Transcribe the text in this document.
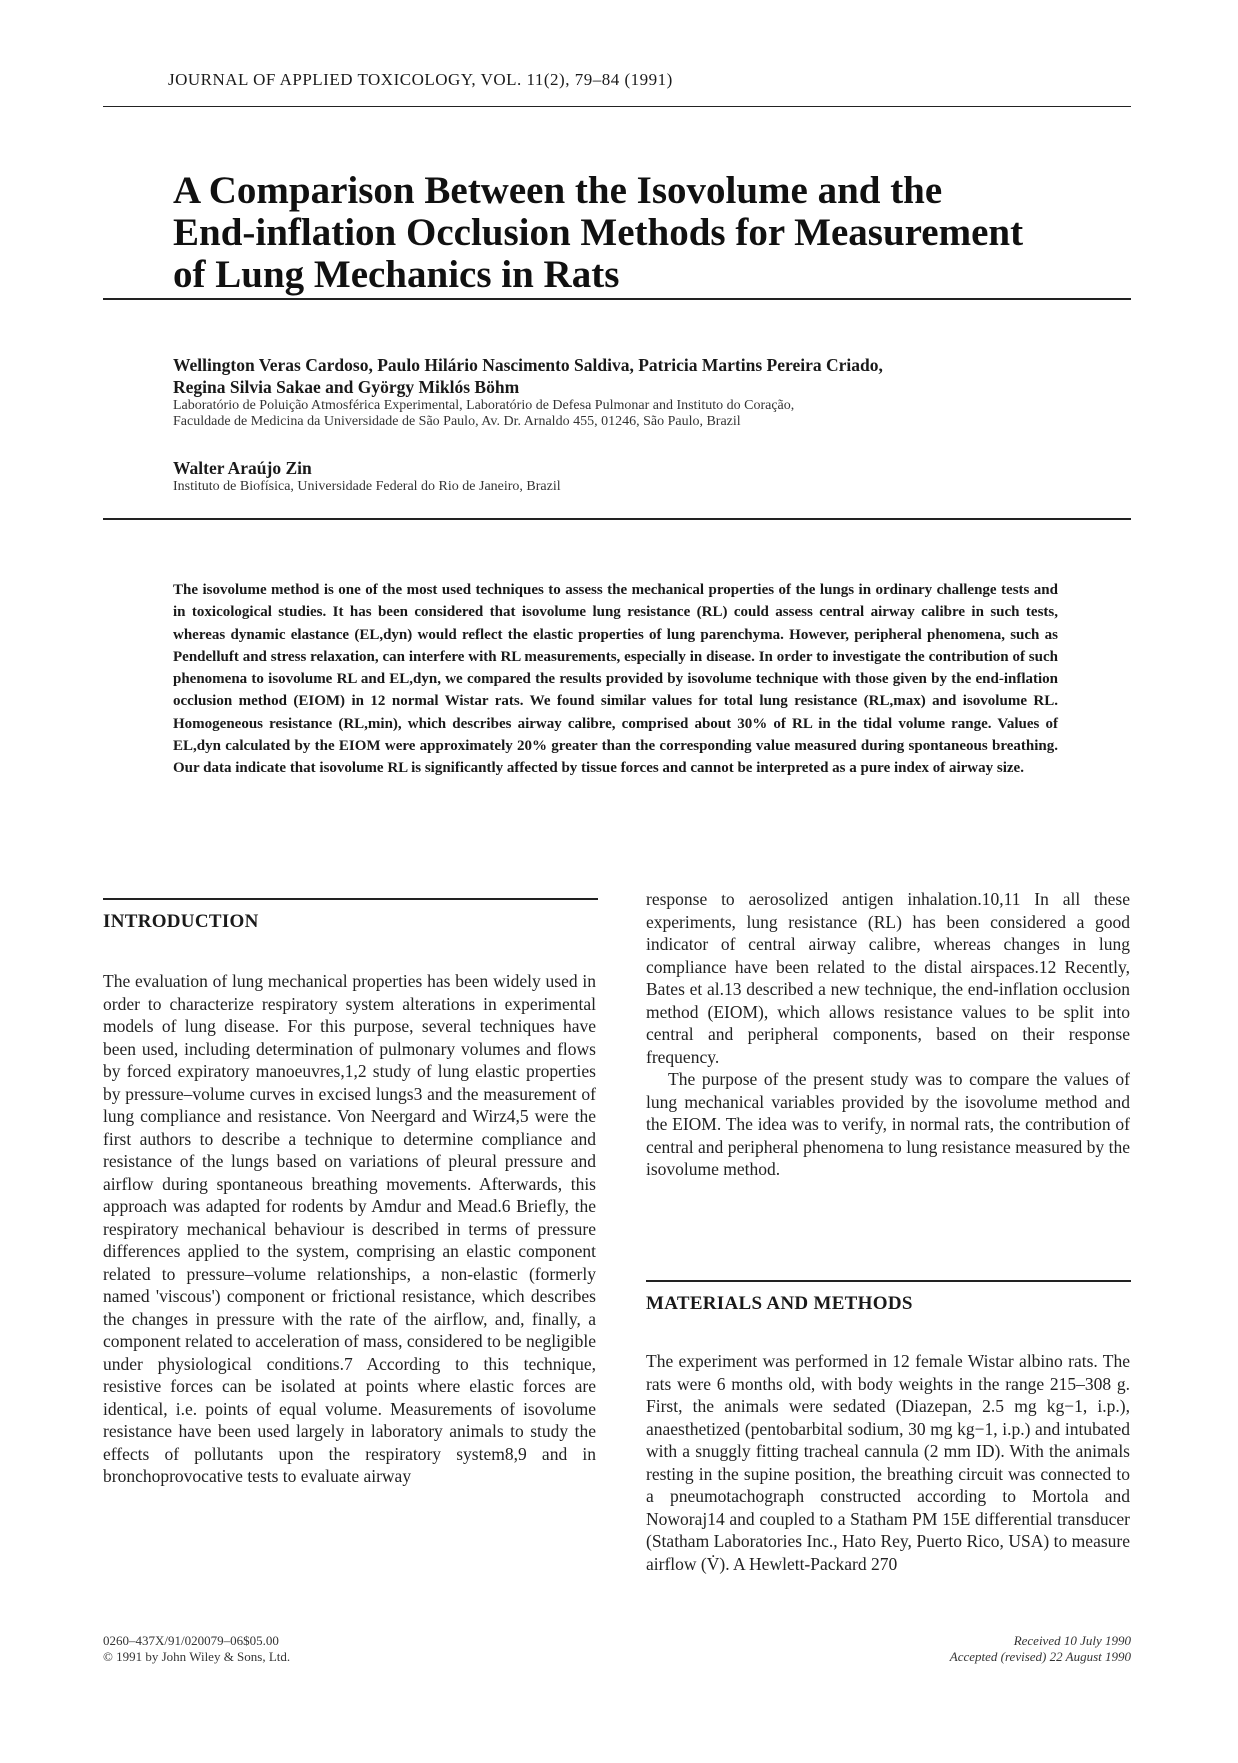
JOURNAL OF APPLIED TOXICOLOGY, VOL. 11(2), 79–84 (1991)
A Comparison Between the Isovolume and the
End-inflation Occlusion Methods for Measurement
of Lung Mechanics in Rats
Wellington Veras Cardoso, Paulo Hilário Nascimento Saldiva, Patricia Martins Pereira Criado,
Regina Silvia Sakae and György Miklós Böhm
Laboratório de Poluição Atmosférica Experimental, Laboratório de Defesa Pulmonar and Instituto do Coração,
Faculdade de Medicina da Universidade de São Paulo, Av. Dr. Arnaldo 455, 01246, São Paulo, Brazil
Walter Araújo Zin
Instituto de Biofísica, Universidade Federal do Rio de Janeiro, Brazil
The isovolume method is one of the most used techniques to assess the mechanical properties of the lungs in ordinary challenge tests and in toxicological studies. It has been considered that isovolume lung resistance (RL) could assess central airway calibre in such tests, whereas dynamic elastance (EL,dyn) would reflect the elastic properties of lung parenchyma. However, peripheral phenomena, such as Pendelluft and stress relaxation, can interfere with RL measurements, especially in disease. In order to investigate the contribution of such phenomena to isovolume RL and EL,dyn, we compared the results provided by isovolume technique with those given by the end-inflation occlusion method (EIOM) in 12 normal Wistar rats. We found similar values for total lung resistance (RL,max) and isovolume RL. Homogeneous resistance (RL,min), which describes airway calibre, comprised about 30% of RL in the tidal volume range. Values of EL,dyn calculated by the EIOM were approximately 20% greater than the corresponding value measured during spontaneous breathing. Our data indicate that isovolume RL is significantly affected by tissue forces and cannot be interpreted as a pure index of airway size.
INTRODUCTION

The evaluation of lung mechanical properties has been widely used in order to characterize respiratory system alterations in experimental models of lung disease. For this purpose, several techniques have been used, including determination of pulmonary volumes and flows by forced expiratory manoeuvres,1,2 study of lung elastic properties by pressure–volume curves in excised lungs3 and the measurement of lung compliance and resistance. Von Neergard and Wirz4,5 were the first authors to describe a technique to determine compliance and resistance of the lungs based on variations of pleural pressure and airflow during spontaneous breathing movements. Afterwards, this approach was adapted for rodents by Amdur and Mead.6 Briefly, the respiratory mechanical behaviour is described in terms of pressure differences applied to the system, comprising an elastic component related to pressure–volume relationships, a non-elastic (formerly named 'viscous') component or frictional resistance, which describes the changes in pressure with the rate of the airflow, and, finally, a component related to acceleration of mass, considered to be negligible under physiological conditions.7 According to this technique, resistive forces can be isolated at points where elastic forces are identical, i.e. points of equal volume. Measurements of isovolume resistance have been used largely in laboratory animals to study the effects of pollutants upon the respiratory system8,9 and in bronchoprovocative tests to evaluate airway

response to aerosolized antigen inhalation.10,11 In all these experiments, lung resistance (RL) has been considered a good indicator of central airway calibre, whereas changes in lung compliance have been related to the distal airspaces.12 Recently, Bates et al.13 described a new technique, the end-inflation occlusion method (EIOM), which allows resistance values to be split into central and peripheral components, based on their response frequency.

The purpose of the present study was to compare the values of lung mechanical variables provided by the isovolume method and the EIOM. The idea was to verify, in normal rats, the contribution of central and peripheral phenomena to lung resistance measured by the isovolume method.

MATERIALS AND METHODS

The experiment was performed in 12 female Wistar albino rats. The rats were 6 months old, with body weights in the range 215–308 g. First, the animals were sedated (Diazepan, 2.5 mg kg−1, i.p.), anaesthetized (pentobarbital sodium, 30 mg kg−1, i.p.) and intubated with a snuggly fitting tracheal cannula (2 mm ID). With the animals resting in the supine position, the breathing circuit was connected to a pneumotachograph constructed according to Mortola and Noworaj14 and coupled to a Statham PM 15E differential transducer (Statham Laboratories Inc., Hato Rey, Puerto Rico, USA) to measure airflow (V̇). A Hewlett-Packard 270

0260–437X/91/020079–06$05.00
© 1991 by John Wiley & Sons, Ltd.
Received 10 July 1990
Accepted (revised) 22 August 1990
